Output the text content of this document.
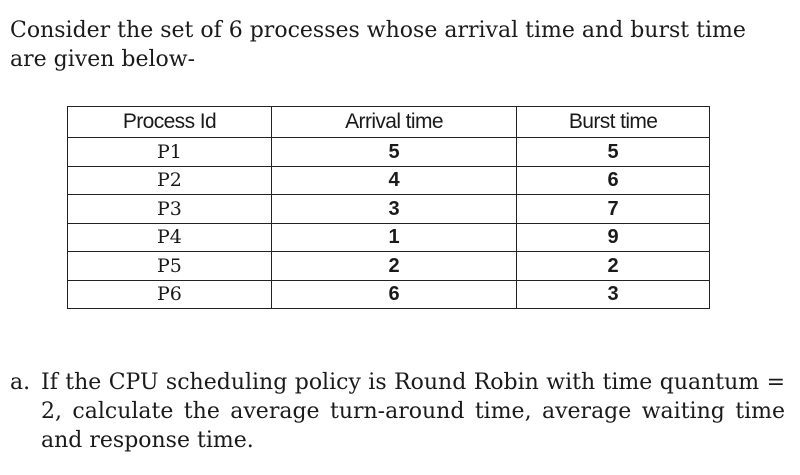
Consider the set of 6 processes whose arrival time and burst time are given below-

Process Id	Arrival time	Burst time
P1	5	5
P2	4	6
P3	3	7
P4	1	9
P5	2	2
P6	6	3
a. If the CPU scheduling policy is Round Robin with time quantum = 2, calculate the average turn-around time, average waiting time and response time.
